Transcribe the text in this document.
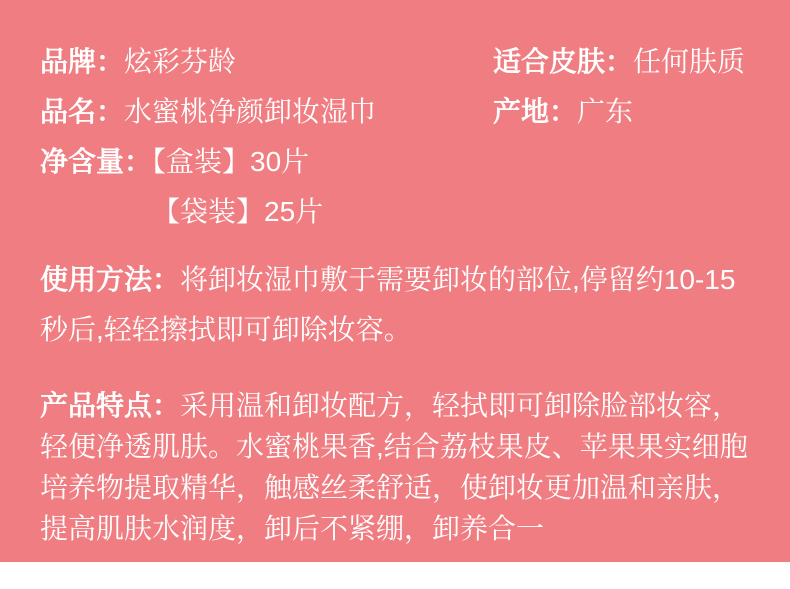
品牌：炫彩芬龄	适合皮肤：任何肤质
品名：水蜜桃净颜卸妆湿巾	产地：广东
净含量：【盒装】30片
【袋装】25片

使用方法：将卸妆湿巾敷于需要卸妆的部位,停留约10-15秒后,轻轻擦拭即可卸除妆容。

产品特点：采用温和卸妆配方，轻拭即可卸除脸部妆容，轻便净透肌肤。水蜜桃果香,结合荔枝果皮、苹果果实细胞培养物提取精华，触感丝柔舒适，使卸妆更加温和亲肤，提高肌肤水润度，卸后不紧绷，卸养合一
